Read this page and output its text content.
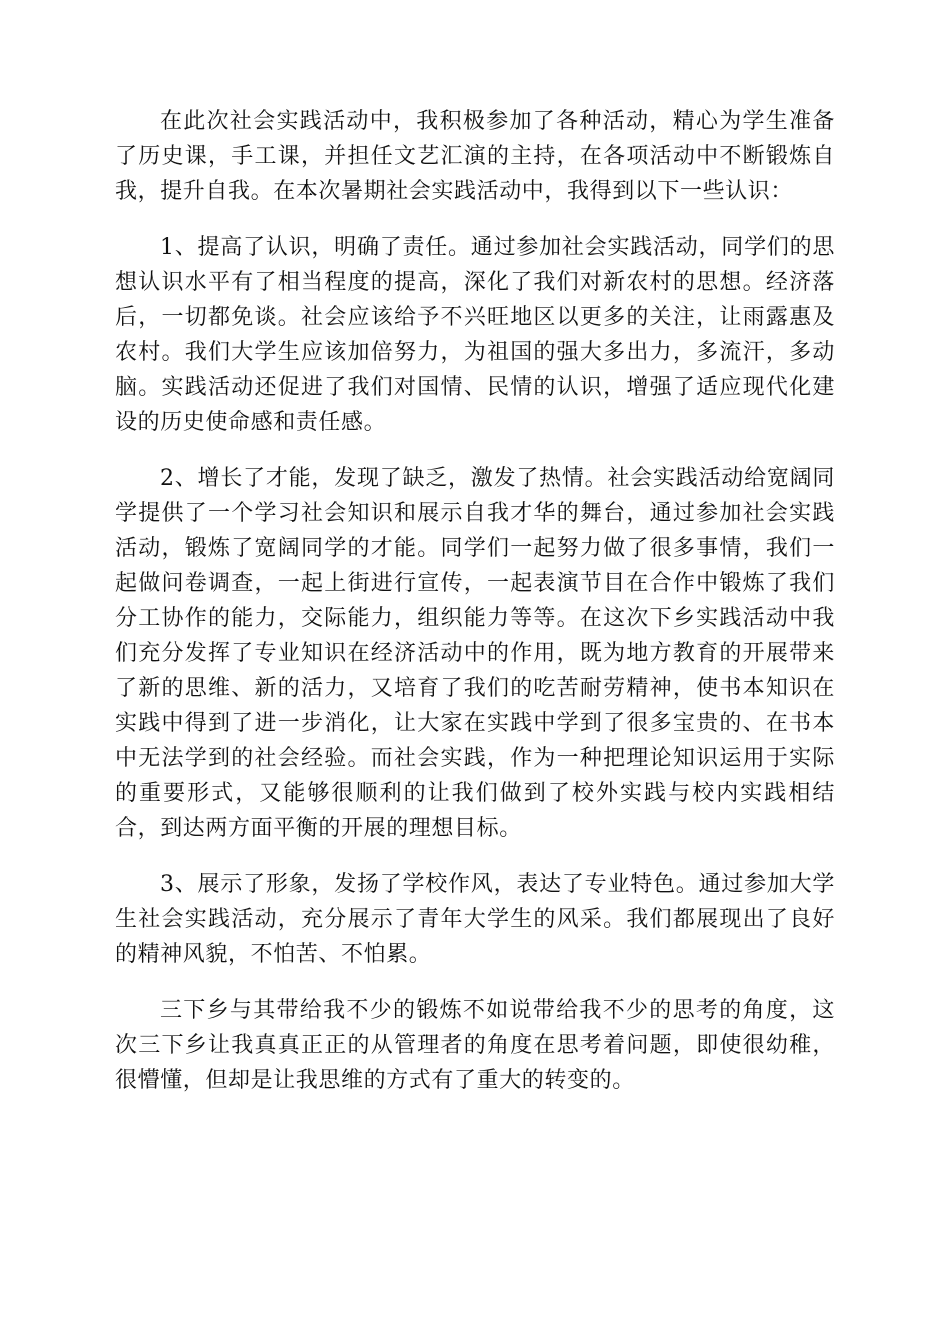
在此次社会实践活动中，我积极参加了各种活动，精心为学生准备了历史课，手工课，并担任文艺汇演的主持，在各项活动中不断锻炼自我，提升自我。在本次暑期社会实践活动中，我得到以下一些认识：

1、提高了认识，明确了责任。通过参加社会实践活动，同学们的思想认识水平有了相当程度的提高，深化了我们对新农村的思想。经济落后，一切都免谈。社会应该给予不兴旺地区以更多的关注，让雨露惠及农村。我们大学生应该加倍努力，为祖国的强大多出力，多流汗，多动脑。实践活动还促进了我们对国情、民情的认识，增强了适应现代化建设的历史使命感和责任感。

2、增长了才能，发现了缺乏，激发了热情。社会实践活动给宽阔同学提供了一个学习社会知识和展示自我才华的舞台，通过参加社会实践活动，锻炼了宽阔同学的才能。同学们一起努力做了很多事情，我们一起做问卷调查，一起上街进行宣传，一起表演节目在合作中锻炼了我们分工协作的能力，交际能力，组织能力等等。在这次下乡实践活动中我们充分发挥了专业知识在经济活动中的作用，既为地方教育的开展带来了新的思维、新的活力，又培育了我们的吃苦耐劳精神，使书本知识在实践中得到了进一步消化，让大家在实践中学到了很多宝贵的、在书本中无法学到的社会经验。而社会实践，作为一种把理论知识运用于实际的重要形式，又能够很顺利的让我们做到了校外实践与校内实践相结合，到达两方面平衡的开展的理想目标。

3、展示了形象，发扬了学校作风，表达了专业特色。通过参加大学生社会实践活动，充分展示了青年大学生的风采。我们都展现出了良好的精神风貌，不怕苦、不怕累。

三下乡与其带给我不少的锻炼不如说带给我不少的思考的角度，这次三下乡让我真真正正的从管理者的角度在思考着问题，即使很幼稚，很懵懂，但却是让我思维的方式有了重大的转变的。
